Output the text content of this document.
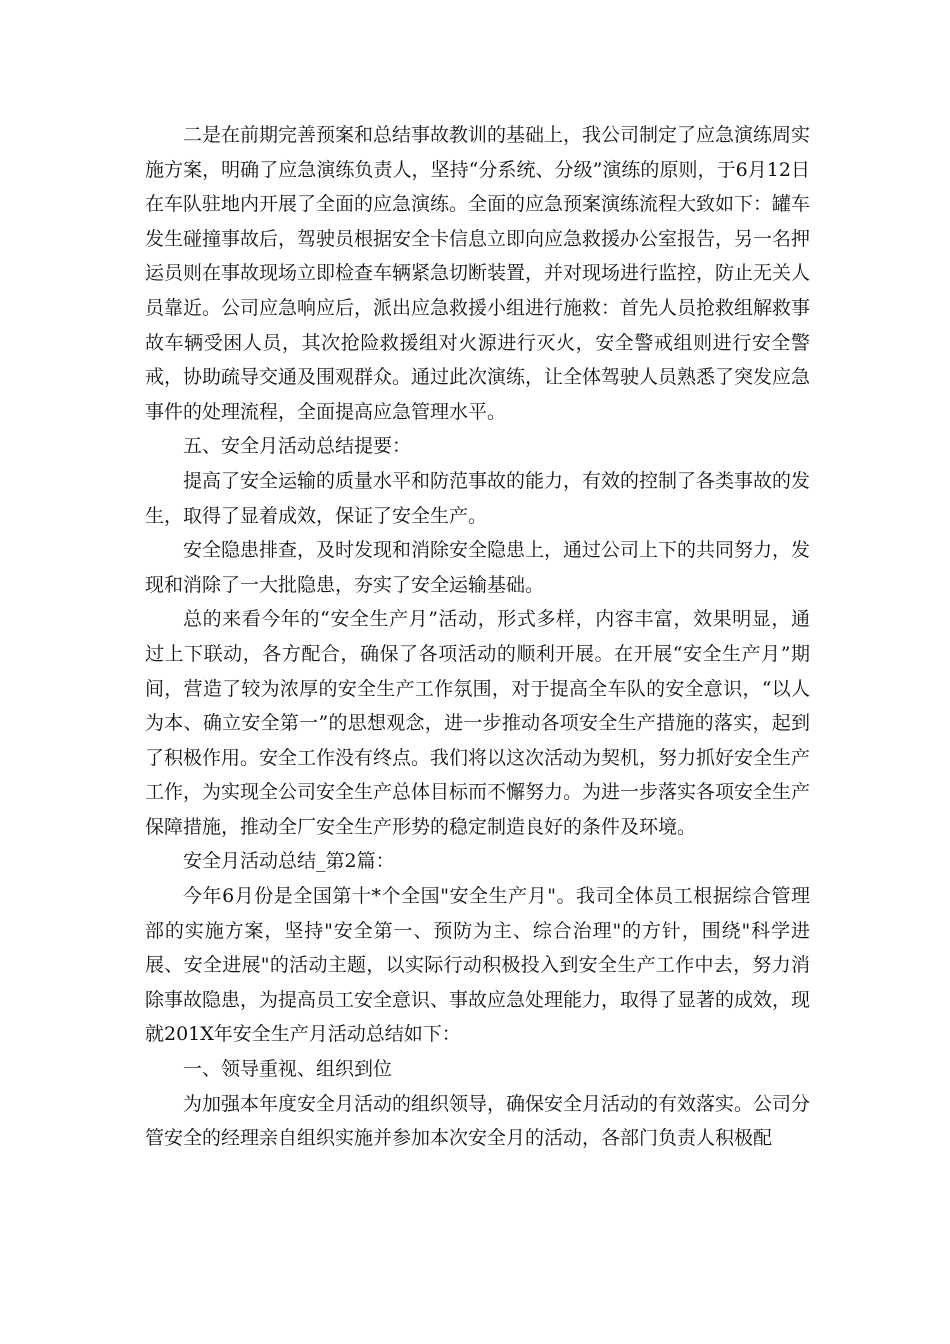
二是在前期完善预案和总结事故教训的基础上，我公司制定了应急演练周实施方案，明确了应急演练负责人，坚持“分系统、分级”演练的原则，于6月12日在车队驻地内开展了全面的应急演练。全面的应急预案演练流程大致如下：罐车发生碰撞事故后，驾驶员根据安全卡信息立即向应急救援办公室报告，另一名押运员则在事故现场立即检查车辆紧急切断装置，并对现场进行监控，防止无关人员靠近。公司应急响应后，派出应急救援小组进行施救：首先人员抢救组解救事故车辆受困人员，其次抢险救援组对火源进行灭火，安全警戒组则进行安全警戒，协助疏导交通及围观群众。通过此次演练，让全体驾驶人员熟悉了突发应急事件的处理流程，全面提高应急管理水平。

五、安全月活动总结提要：

提高了安全运输的质量水平和防范事故的能力，有效的控制了各类事故的发生，取得了显着成效，保证了安全生产。

安全隐患排查，及时发现和消除安全隐患上，通过公司上下的共同努力，发现和消除了一大批隐患，夯实了安全运输基础。

总的来看今年的“安全生产月”活动，形式多样，内容丰富，效果明显，通过上下联动，各方配合，确保了各项活动的顺利开展。在开展“安全生产月”期间，营造了较为浓厚的安全生产工作氛围，对于提高全车队的安全意识，“以人为本、确立安全第一”的思想观念，进一步推动各项安全生产措施的落实，起到了积极作用。安全工作没有终点。我们将以这次活动为契机，努力抓好安全生产工作，为实现全公司安全生产总体目标而不懈努力。为进一步落实各项安全生产保障措施，推动全厂安全生产形势的稳定制造良好的条件及环境。

安全月活动总结_第2篇：

今年6月份是全国第十*个全国"安全生产月"。我司全体员工根据综合管理部的实施方案，坚持"安全第一、预防为主、综合治理"的方针，围绕"科学进展、安全进展"的活动主题，以实际行动积极投入到安全生产工作中去，努力消除事故隐患，为提高员工安全意识、事故应急处理能力，取得了显著的成效，现就201X年安全生产月活动总结如下：

一、领导重视、组织到位

为加强本年度安全月活动的组织领导，确保安全月活动的有效落实。公司分管安全的经理亲自组织实施并参加本次安全月的活动，各部门负责人积极配
